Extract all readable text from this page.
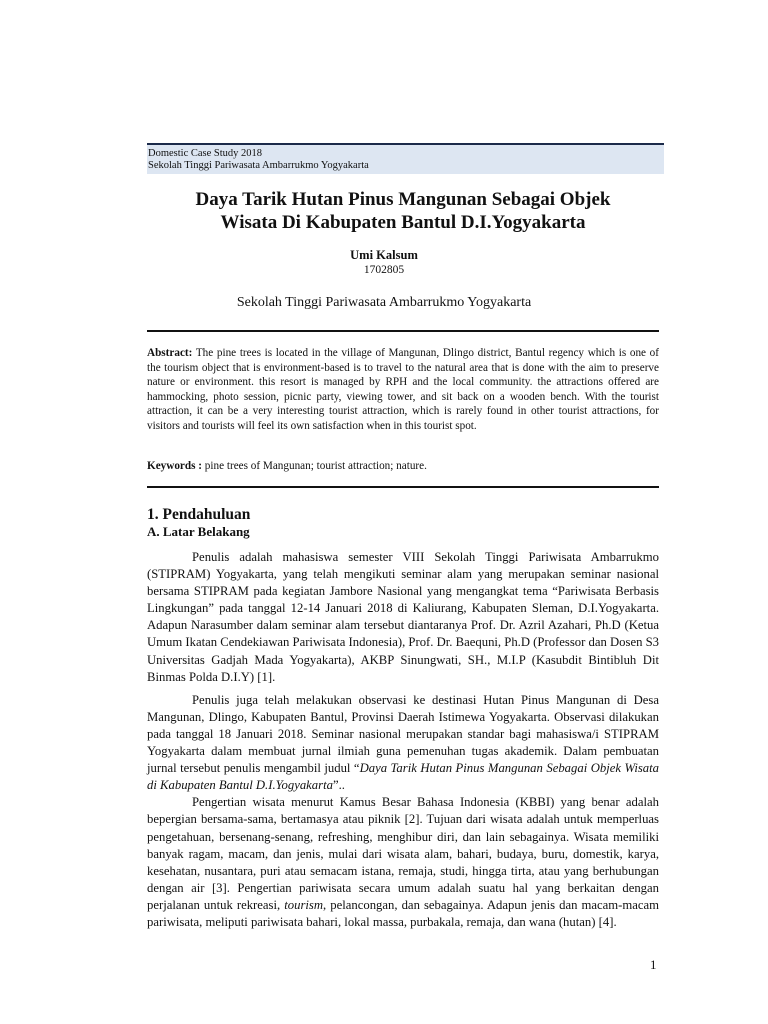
Domestic Case Study 2018
Sekolah Tinggi Pariwasata Ambarrukmo Yogyakarta
Daya Tarik Hutan Pinus Mangunan Sebagai Objek
Wisata Di Kabupaten Bantul D.I.Yogyakarta
Umi Kalsum
1702805
Sekolah Tinggi Pariwasata Ambarrukmo Yogyakarta

Abstract: The pine trees is located in the village of Mangunan, Dlingo district, Bantul regency which is one of the tourism object that is environment-based is to travel to the natural area that is done with the aim to preserve nature or environment. this resort is managed by RPH and the local community. the attractions offered are hammocking, photo session, picnic party, viewing tower, and sit back on a wooden bench. With the tourist attraction, it can be a very interesting tourist attraction, which is rarely found in other tourist attractions, for visitors and tourists will feel its own satisfaction when in this tourist spot.

Keywords : pine trees of Mangunan; tourist attraction; nature.
1. Pendahuluan
A. Latar Belakang

Penulis adalah mahasiswa semester VIII Sekolah Tinggi Pariwisata Ambarrukmo (STIPRAM) Yogyakarta, yang telah mengikuti seminar alam yang merupakan seminar nasional bersama STIPRAM pada kegiatan Jambore Nasional yang mengangkat tema “Pariwisata Berbasis Lingkungan” pada tanggal 12-14 Januari 2018 di Kaliurang, Kabupaten Sleman, D.I.Yogyakarta. Adapun Narasumber dalam seminar alam tersebut diantaranya Prof. Dr. Azril Azahari, Ph.D (Ketua Umum Ikatan Cendekiawan Pariwisata Indonesia), Prof. Dr. Baequni, Ph.D (Professor dan Dosen S3 Universitas Gadjah Mada Yogyakarta), AKBP Sinungwati, SH., M.I.P (Kasubdit Bintibluh Dit Binmas Polda D.I.Y) [1].

Penulis juga telah melakukan observasi ke destinasi Hutan Pinus Mangunan di Desa Mangunan, Dlingo, Kabupaten Bantul, Provinsi Daerah Istimewa Yogyakarta. Observasi dilakukan pada tanggal 18 Januari 2018. Seminar nasional merupakan standar bagi mahasiswa/i STIPRAM Yogyakarta dalam membuat jurnal ilmiah guna pemenuhan tugas akademik. Dalam pembuatan jurnal tersebut penulis mengambil judul “Daya Tarik Hutan Pinus Mangunan Sebagai Objek Wisata di Kabupaten Bantul D.I.Yogyakarta”..

Pengertian wisata menurut Kamus Besar Bahasa Indonesia (KBBI) yang benar adalah bepergian bersama-sama, bertamasya atau piknik [2]. Tujuan dari wisata adalah untuk memperluas pengetahuan, bersenang-senang, refreshing, menghibur diri, dan lain sebagainya. Wisata memiliki banyak ragam, macam, dan jenis, mulai dari wisata alam, bahari, budaya, buru, domestik, karya, kesehatan, nusantara, puri atau semacam istana, remaja, studi, hingga tirta, atau yang berhubungan dengan air [3]. Pengertian pariwisata secara umum adalah suatu hal yang berkaitan dengan perjalanan untuk rekreasi, tourism, pelancongan, dan sebagainya. Adapun jenis dan macam-macam pariwisata, meliputi pariwisata bahari, lokal massa, purbakala, remaja, dan wana (hutan) [4].

1
